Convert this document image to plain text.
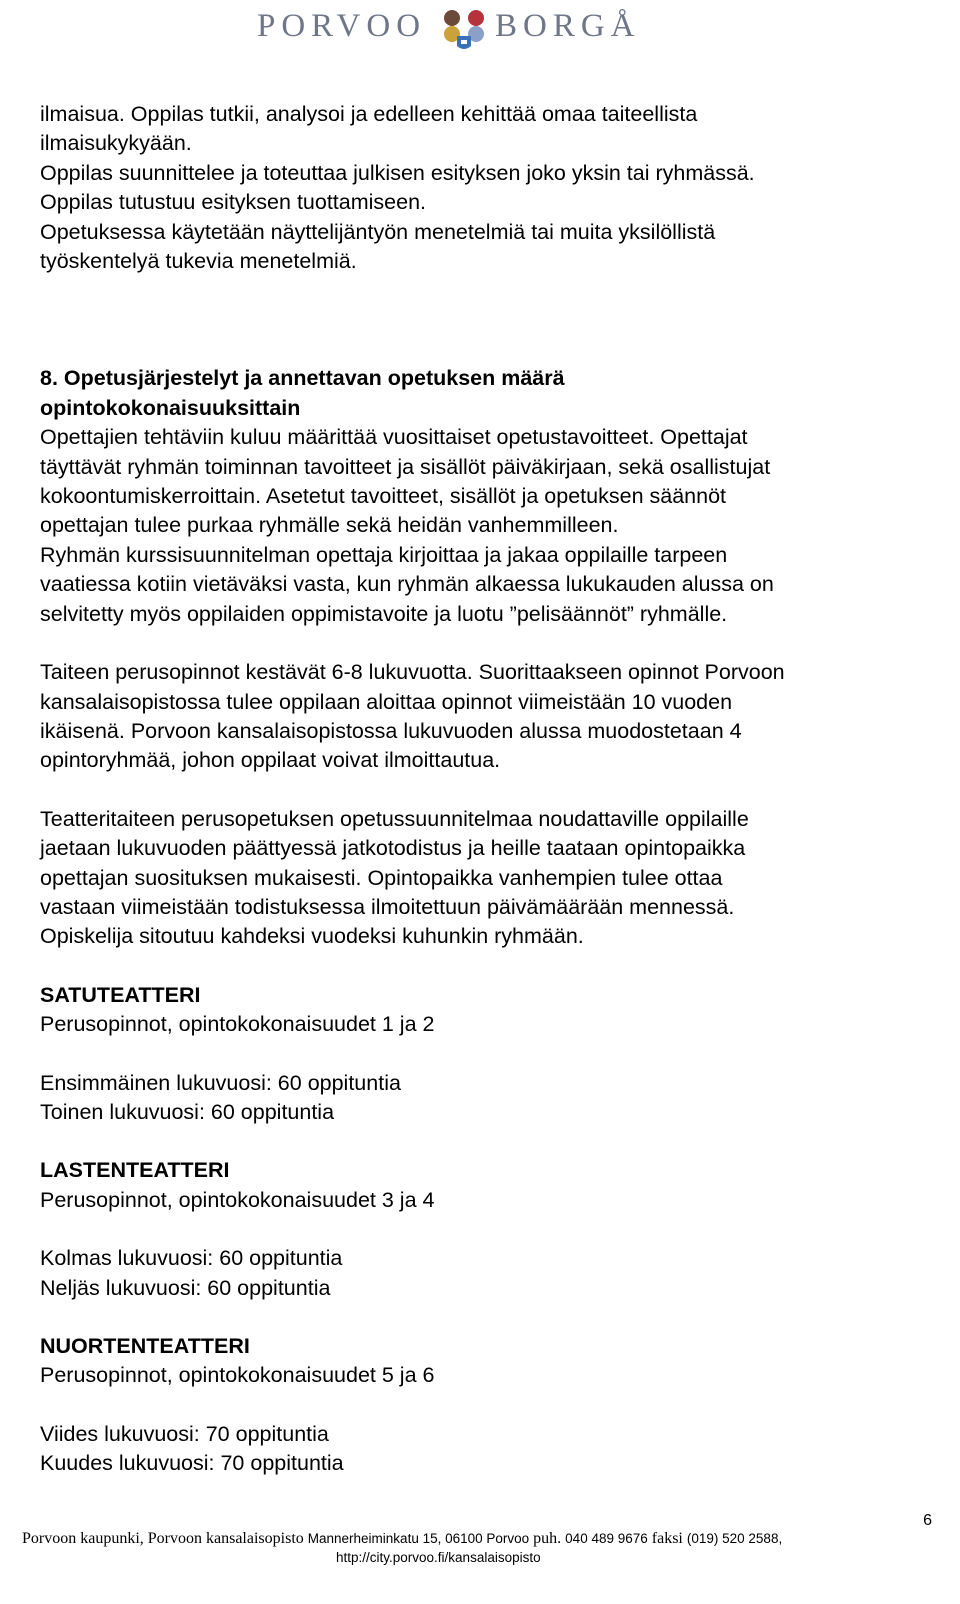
PORVOO BORGÅ

ilmaisua. Oppilas tutkii, analysoi ja edelleen kehittää omaa taiteellista

ilmaisukykyään.

Oppilas suunnittelee ja toteuttaa julkisen esityksen joko yksin tai ryhmässä.

Oppilas tutustuu esityksen tuottamiseen.

Opetuksessa käytetään näyttelijäntyön menetelmiä tai muita yksilöllistä

työskentelyä tukevia menetelmiä.

8. Opetusjärjestelyt ja annettavan opetuksen määrä

opintokokonaisuuksittain

Opettajien tehtäviin kuluu määrittää vuosittaiset opetustavoitteet. Opettajat

täyttävät ryhmän toiminnan tavoitteet ja sisällöt päiväkirjaan, sekä osallistujat

kokoontumiskerroittain. Asetetut tavoitteet, sisällöt ja opetuksen säännöt

opettajan tulee purkaa ryhmälle sekä heidän vanhemmilleen.

Ryhmän kurssisuunnitelman opettaja kirjoittaa ja jakaa oppilaille tarpeen

vaatiessa kotiin vietäväksi vasta, kun ryhmän alkaessa lukukauden alussa on

selvitetty myös oppilaiden oppimistavoite ja luotu ”pelisäännöt” ryhmälle.

Taiteen perusopinnot kestävät 6-8 lukuvuotta. Suorittaakseen opinnot Porvoon

kansalaisopistossa tulee oppilaan aloittaa opinnot viimeistään 10 vuoden

ikäisenä. Porvoon kansalaisopistossa lukuvuoden alussa muodostetaan 4

opintoryhmää, johon oppilaat voivat ilmoittautua.

Teatteritaiteen perusopetuksen opetussuunnitelmaa noudattaville oppilaille

jaetaan lukuvuoden päättyessä jatkotodistus ja heille taataan opintopaikka

opettajan suosituksen mukaisesti. Opintopaikka vanhempien tulee ottaa

vastaan viimeistään todistuksessa ilmoitettuun päivämäärään mennessä.

Opiskelija sitoutuu kahdeksi vuodeksi kuhunkin ryhmään.

SATUTEATTERI

Perusopinnot, opintokokonaisuudet 1 ja 2

Ensimmäinen lukuvuosi: 60 oppituntia

Toinen lukuvuosi: 60 oppituntia

LASTENTEATTERI

Perusopinnot, opintokokonaisuudet 3 ja 4

Kolmas lukuvuosi: 60 oppituntia

Neljäs lukuvuosi: 60 oppituntia

NUORTENTEATTERI

Perusopinnot, opintokokonaisuudet 5 ja 6

Viides lukuvuosi: 70 oppituntia

Kuudes lukuvuosi: 70 oppituntia

6
Porvoon kaupunki, Porvoon kansalaisopisto Mannerheiminkatu 15, 06100 Porvoo puh. 040 489 9676 faksi (019) 520 2588,
http://city.porvoo.fi/kansalaisopisto
